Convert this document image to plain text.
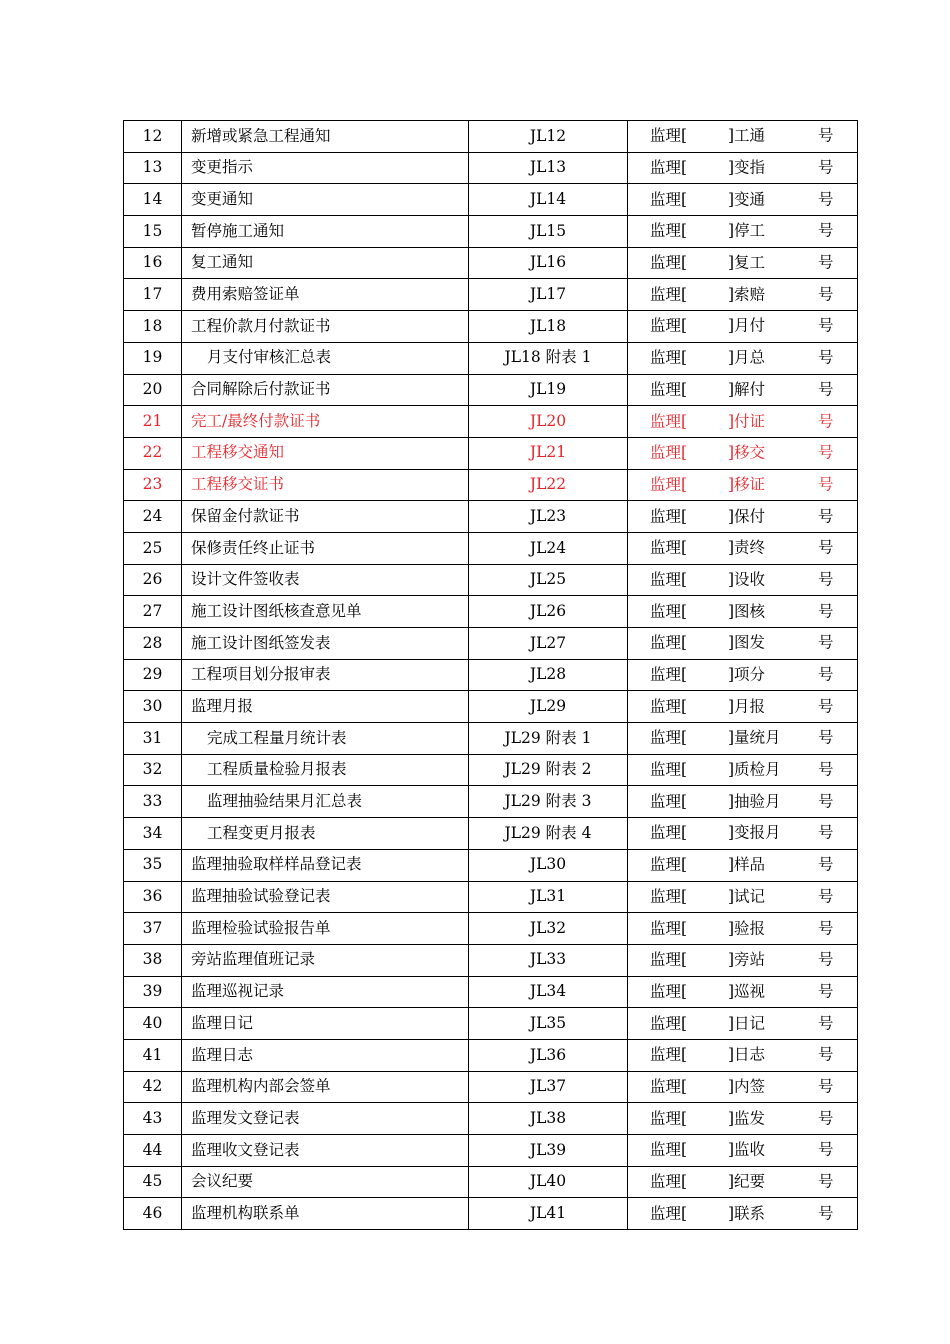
12	新增或紧急工程通知	JL12	监理[ ]工通 号

13	变更指示	JL13	监理[ ]变指 号

14	变更通知	JL14	监理[ ]变通 号

15	暂停施工通知	JL15	监理[ ]停工 号

16	复工通知	JL16	监理[ ]复工 号

17	费用索赔签证单	JL17	监理[ ]索赔 号

18	工程价款月付款证书	JL18	监理[ ]月付 号

19	月支付审核汇总表	JL18 附表 1	监理[ ]月总 号

20	合同解除后付款证书	JL19	监理[ ]解付 号

21	完工/最终付款证书	JL20	监理[ ]付证 号

22	工程移交通知	JL21	监理[ ]移交 号

23	工程移交证书	JL22	监理[ ]移证 号

24	保留金付款证书	JL23	监理[ ]保付 号

25	保修责任终止证书	JL24	监理[ ]责终 号

26	设计文件签收表	JL25	监理[ ]设收 号

27	施工设计图纸核查意见单	JL26	监理[ ]图核 号

28	施工设计图纸签发表	JL27	监理[ ]图发 号

29	工程项目划分报审表	JL28	监理[ ]项分 号

30	监理月报	JL29	监理[ ]月报 号

31	完成工程量月统计表	JL29 附表 1	监理[ ]量统月 号

32	工程质量检验月报表	JL29 附表 2	监理[ ]质检月 号

33	监理抽验结果月汇总表	JL29 附表 3	监理[ ]抽验月 号

34	工程变更月报表	JL29 附表 4	监理[ ]变报月 号

35	监理抽验取样样品登记表	JL30	监理[ ]样品 号

36	监理抽验试验登记表	JL31	监理[ ]试记 号

37	监理检验试验报告单	JL32	监理[ ]验报 号

38	旁站监理值班记录	JL33	监理[ ]旁站 号

39	监理巡视记录	JL34	监理[ ]巡视 号

40	监理日记	JL35	监理[ ]日记 号

41	监理日志	JL36	监理[ ]日志 号

42	监理机构内部会签单	JL37	监理[ ]内签 号

43	监理发文登记表	JL38	监理[ ]监发 号

44	监理收文登记表	JL39	监理[ ]监收 号

45	会议纪要	JL40	监理[ ]纪要 号

46	监理机构联系单	JL41	监理[ ]联系 号
